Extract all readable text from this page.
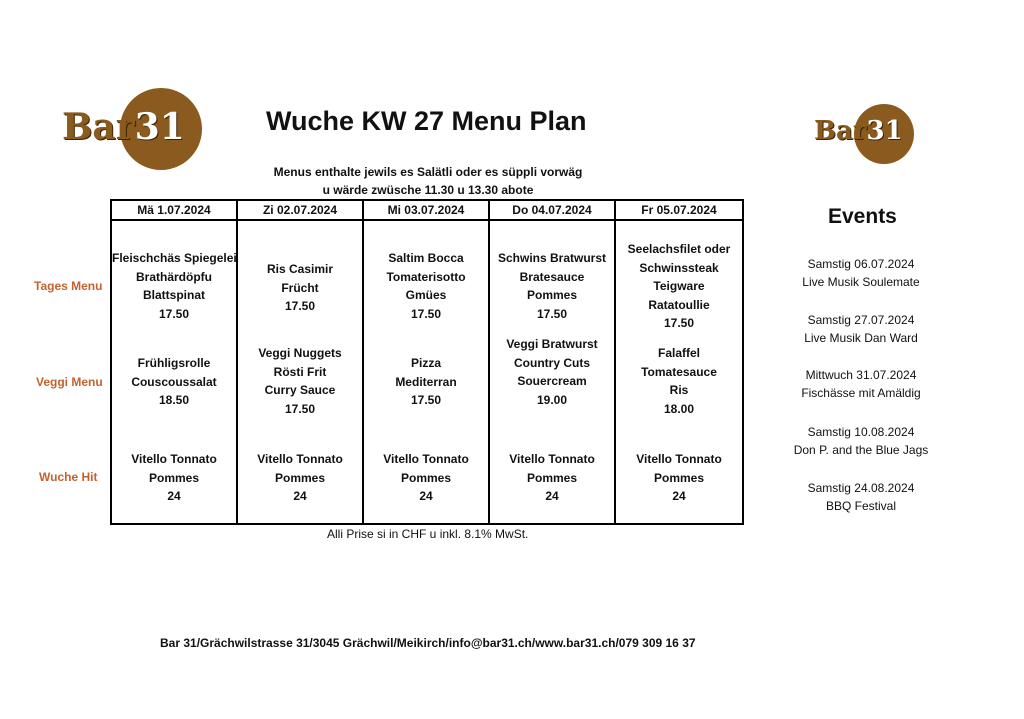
Bar31	Bar31
Wuche KW 27 Menu Plan
Menus enthalte jewils es Salätli oder es süppli vorwäg
u wärde zwüsche 11.30 u 13.30 abote
Tages Menu
Veggi Menu
Wuche Hit
Mä 1.07.2024
Fleischchäs Spiegelei
Brathärdöpfu
Blattspinat
17.50
Frühligsrolle
Couscoussalat
18.50
Vitello Tonnato
Pommes
24
Zi 02.07.2024
Ris Casimir
Frücht
17.50
Veggi Nuggets
Rösti Frit
Curry Sauce
17.50
Vitello Tonnato
Pommes
24
Mi 03.07.2024
Saltim Bocca
Tomaterisotto
Gmües
17.50
Pizza
Mediterran
17.50
Vitello Tonnato
Pommes
24
Do 04.07.2024
Schwins Bratwurst
Bratesauce
Pommes
17.50
Veggi Bratwurst
Country Cuts
Souercream
19.00
Vitello Tonnato
Pommes
24
Fr 05.07.2024
Seelachsfilet oder
Schwinssteak
Teigware
Ratatoullie
17.50
Falaffel
Tomatesauce
Ris
18.00
Vitello Tonnato
Pommes
24
Events
Samstig 06.07.2024
Live Musik Soulemate
Samstig 27.07.2024
Live Musik Dan Ward
Mittwuch 31.07.2024
Fischässe mit Amäldig
Samstig 10.08.2024
Don P. and the Blue Jags
Samstig 24.08.2024
BBQ Festival
Alli Prise si in CHF u inkl. 8.1% MwSt.
Bar 31/Grächwilstrasse 31/3045 Grächwil/Meikirch/info@bar31.ch/www.bar31.ch/079 309 16 37
